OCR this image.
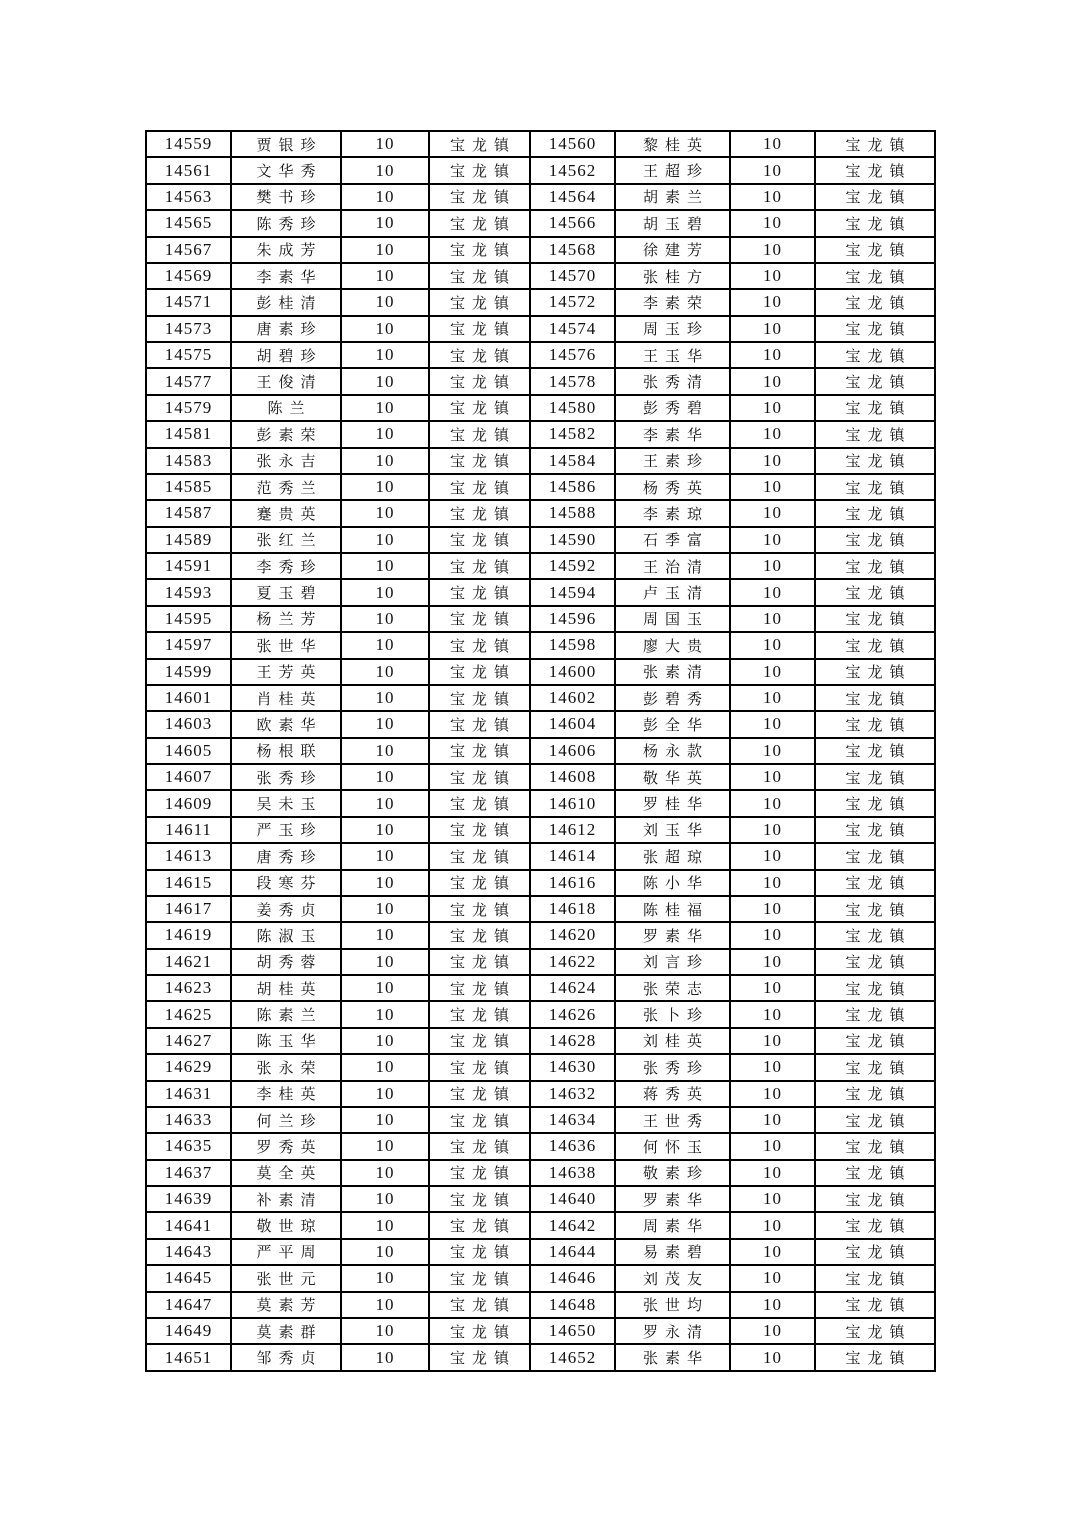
14559	贾银珍	10	宝龙镇	14560	黎桂英	10	宝龙镇
14561	文华秀	10	宝龙镇	14562	王超珍	10	宝龙镇
14563	樊书珍	10	宝龙镇	14564	胡素兰	10	宝龙镇
14565	陈秀珍	10	宝龙镇	14566	胡玉碧	10	宝龙镇
14567	朱成芳	10	宝龙镇	14568	徐建芳	10	宝龙镇
14569	李素华	10	宝龙镇	14570	张桂方	10	宝龙镇
14571	彭桂清	10	宝龙镇	14572	李素荣	10	宝龙镇
14573	唐素珍	10	宝龙镇	14574	周玉珍	10	宝龙镇
14575	胡碧珍	10	宝龙镇	14576	王玉华	10	宝龙镇
14577	王俊清	10	宝龙镇	14578	张秀清	10	宝龙镇
14579	陈兰	10	宝龙镇	14580	彭秀碧	10	宝龙镇
14581	彭素荣	10	宝龙镇	14582	李素华	10	宝龙镇
14583	张永吉	10	宝龙镇	14584	王素珍	10	宝龙镇
14585	范秀兰	10	宝龙镇	14586	杨秀英	10	宝龙镇
14587	蹇贵英	10	宝龙镇	14588	李素琼	10	宝龙镇
14589	张红兰	10	宝龙镇	14590	石季富	10	宝龙镇
14591	李秀珍	10	宝龙镇	14592	王治清	10	宝龙镇
14593	夏玉碧	10	宝龙镇	14594	卢玉清	10	宝龙镇
14595	杨兰芳	10	宝龙镇	14596	周国玉	10	宝龙镇
14597	张世华	10	宝龙镇	14598	廖大贵	10	宝龙镇
14599	王芳英	10	宝龙镇	14600	张素清	10	宝龙镇
14601	肖桂英	10	宝龙镇	14602	彭碧秀	10	宝龙镇
14603	欧素华	10	宝龙镇	14604	彭全华	10	宝龙镇
14605	杨根联	10	宝龙镇	14606	杨永款	10	宝龙镇
14607	张秀珍	10	宝龙镇	14608	敬华英	10	宝龙镇
14609	吴未玉	10	宝龙镇	14610	罗桂华	10	宝龙镇
14611	严玉珍	10	宝龙镇	14612	刘玉华	10	宝龙镇
14613	唐秀珍	10	宝龙镇	14614	张超琼	10	宝龙镇
14615	段寒芬	10	宝龙镇	14616	陈小华	10	宝龙镇
14617	姜秀贞	10	宝龙镇	14618	陈桂福	10	宝龙镇
14619	陈淑玉	10	宝龙镇	14620	罗素华	10	宝龙镇
14621	胡秀蓉	10	宝龙镇	14622	刘言珍	10	宝龙镇
14623	胡桂英	10	宝龙镇	14624	张荣志	10	宝龙镇
14625	陈素兰	10	宝龙镇	14626	张卜珍	10	宝龙镇
14627	陈玉华	10	宝龙镇	14628	刘桂英	10	宝龙镇
14629	张永荣	10	宝龙镇	14630	张秀珍	10	宝龙镇
14631	李桂英	10	宝龙镇	14632	蒋秀英	10	宝龙镇
14633	何兰珍	10	宝龙镇	14634	王世秀	10	宝龙镇
14635	罗秀英	10	宝龙镇	14636	何怀玉	10	宝龙镇
14637	莫全英	10	宝龙镇	14638	敬素珍	10	宝龙镇
14639	补素清	10	宝龙镇	14640	罗素华	10	宝龙镇
14641	敬世琼	10	宝龙镇	14642	周素华	10	宝龙镇
14643	严平周	10	宝龙镇	14644	易素碧	10	宝龙镇
14645	张世元	10	宝龙镇	14646	刘茂友	10	宝龙镇
14647	莫素芳	10	宝龙镇	14648	张世均	10	宝龙镇
14649	莫素群	10	宝龙镇	14650	罗永清	10	宝龙镇
14651	邹秀贞	10	宝龙镇	14652	张素华	10	宝龙镇
